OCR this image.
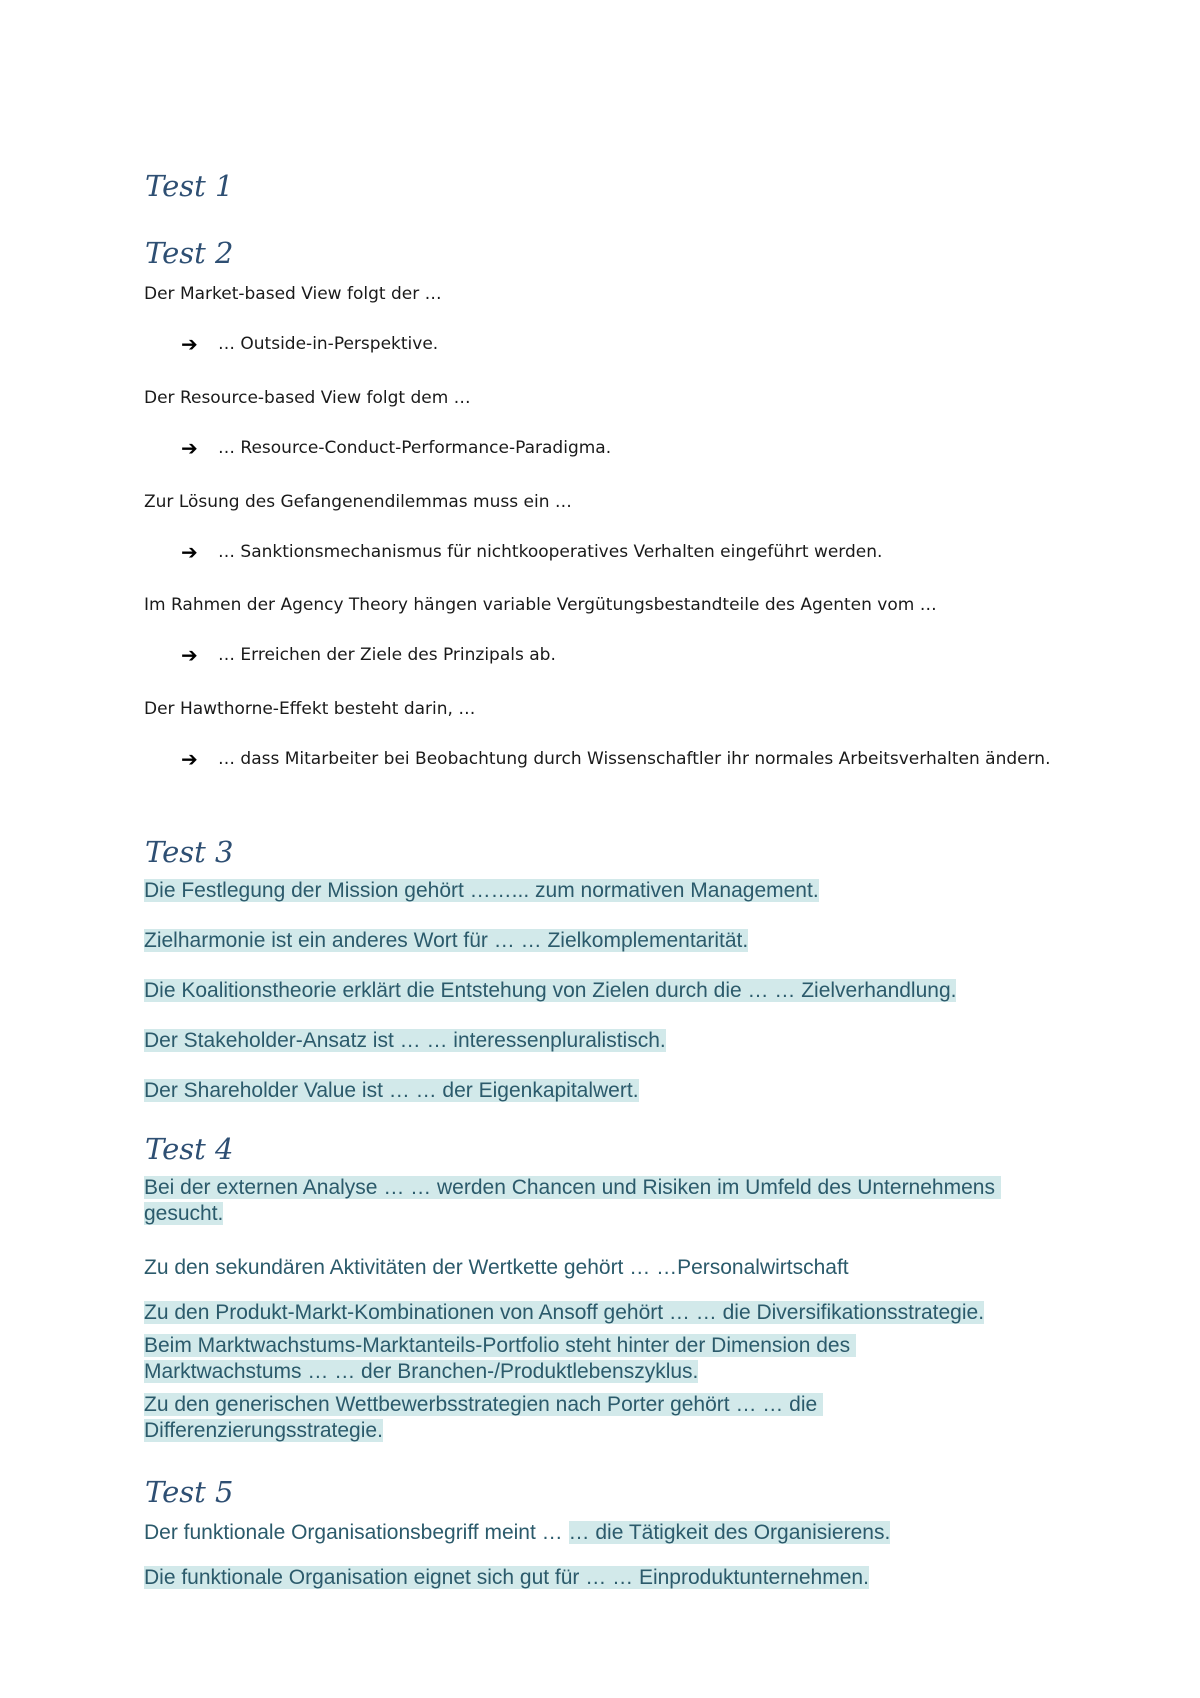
Test 1
Test 2
Der Market-based View folgt der …
➔ … Outside-in-Perspektive.
Der Resource-based View folgt dem …
➔ … Resource-Conduct-Performance-Paradigma.
Zur Lösung des Gefangenendilemmas muss ein …
➔ … Sanktionsmechanismus für nichtkooperatives Verhalten eingeführt werden.
Im Rahmen der Agency Theory hängen variable Vergütungsbestandteile des Agenten vom …
➔ … Erreichen der Ziele des Prinzipals ab.
Der Hawthorne-Effekt besteht darin, …
➔ … dass Mitarbeiter bei Beobachtung durch Wissenschaftler ihr normales Arbeitsverhalten ändern.
Test 3
Die Festlegung der Mission gehört ……... zum normativen Management.
Zielharmonie ist ein anderes Wort für … … Zielkomplementarität.
Die Koalitionstheorie erklärt die Entstehung von Zielen durch die … … Zielverhandlung.
Der Stakeholder-Ansatz ist … … interessenpluralistisch.
Der Shareholder Value ist … … der Eigenkapitalwert.
Test 4
Bei der externen Analyse … … werden Chancen und Risiken im Umfeld des Unternehmens gesucht.
Zu den sekundären Aktivitäten der Wertkette gehört … …Personalwirtschaft
Zu den Produkt-Markt-Kombinationen von Ansoff gehört … … die Diversifikationsstrategie.
Beim Marktwachstums-Marktanteils-Portfolio steht hinter der Dimension des Marktwachstums … … der Branchen-/Produktlebenszyklus.
Zu den generischen Wettbewerbsstrategien nach Porter gehört … … die Differenzierungsstrategie.
Test 5
Der funktionale Organisationsbegriff meint … … die Tätigkeit des Organisierens.
Die funktionale Organisation eignet sich gut für … … Einproduktunternehmen.
